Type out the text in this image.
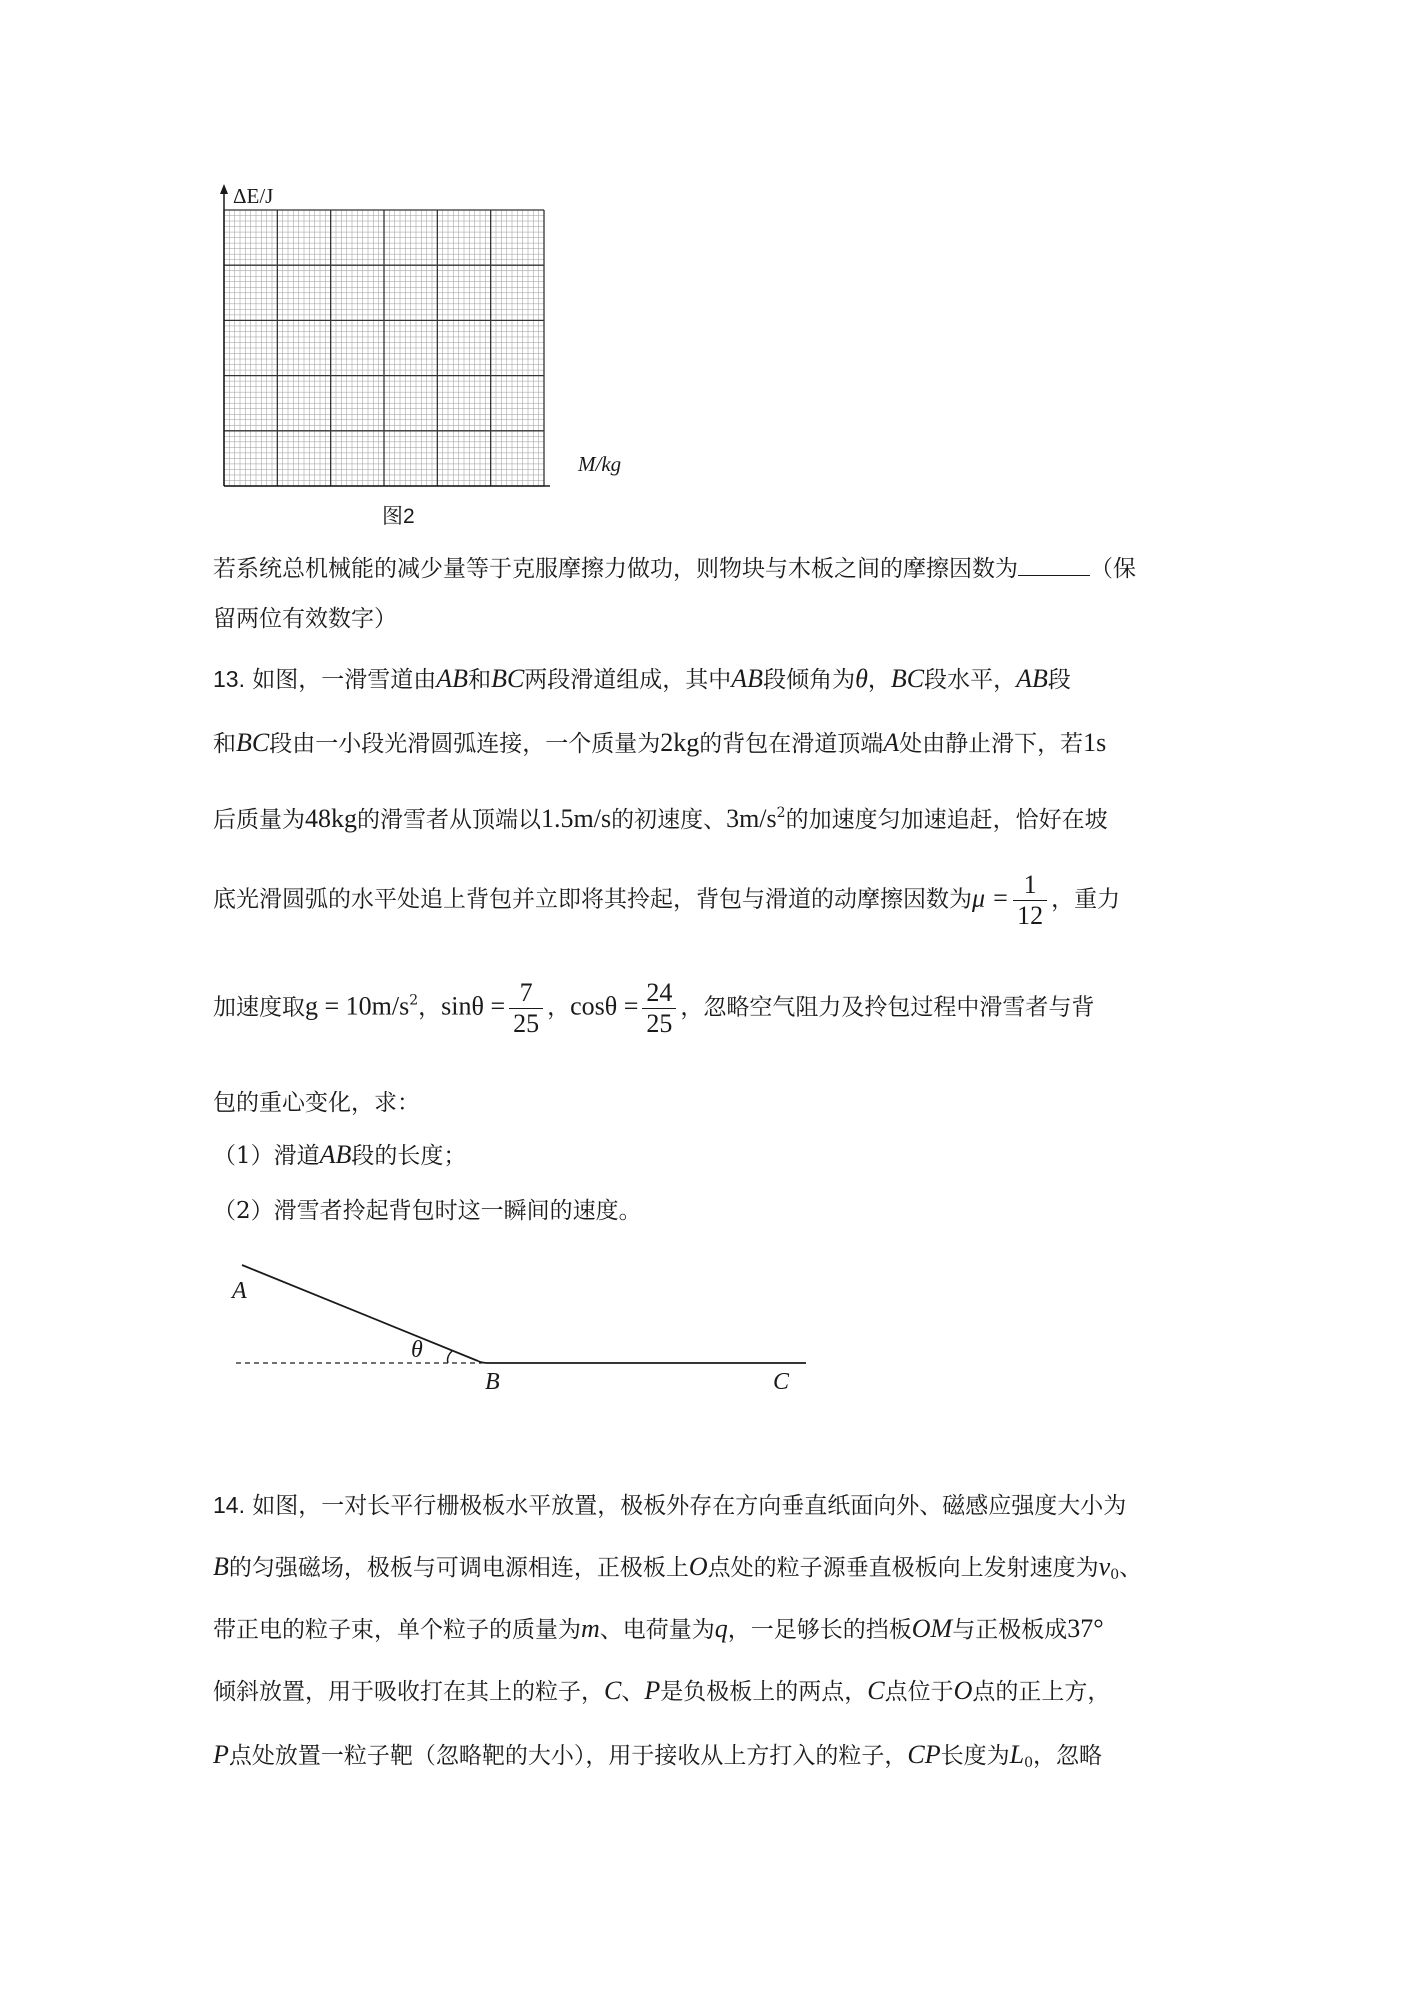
ΔE/J
M/kg
图2
若系统总机械能的减少量等于克服摩擦力做功，则物块与木板之间的摩擦因数为	（保
留两位有效数字）
13. 如图，一滑雪道由AB和BC两段滑道组成，其中AB段倾角为θ，BC段水平，AB段
和BC段由一小段光滑圆弧连接，一个质量为2kg的背包在滑道顶端A处由静止滑下，若1s
后质量为48kg的滑雪者从顶端以1.5m/s的初速度、$3m/s^2$的加速度匀加速追赶，恰好在坡
底光滑圆弧的水平处追上背包并立即将其拎起，背包与滑道的动摩擦因数为$\mu = \frac{1}{12}$ ，重力
加速度取$g = 10m/s^2$，$\sin\theta = \frac{7}{25}$ ，$\cos\theta = \frac{24}{25}$ ，忽略空气阻力及拎包过程中滑雪者与背
包的重心变化，求：
（1）滑道AB段的长度；
（2）滑雪者拎起背包时这一瞬间的速度。
A
θ
B	C
14. 如图，一对长平行栅极板水平放置，极板外存在方向垂直纸面向外、磁感应强度大小为
B的匀强磁场，极板与可调电源相连，正极板上O点处的粒子源垂直极板向上发射速度为$v_0$、
带正电的粒子束，单个粒子的质量为m、电荷量为q，一足够长的挡板OM与正极板成37°
倾斜放置，用于吸收打在其上的粒子，C、P是负极板上的两点，C点位于O点的正上方，
P点处放置一粒子靶（忽略靶的大小），用于接收从上方打入的粒子，CP长度为$L_0$，忽略
